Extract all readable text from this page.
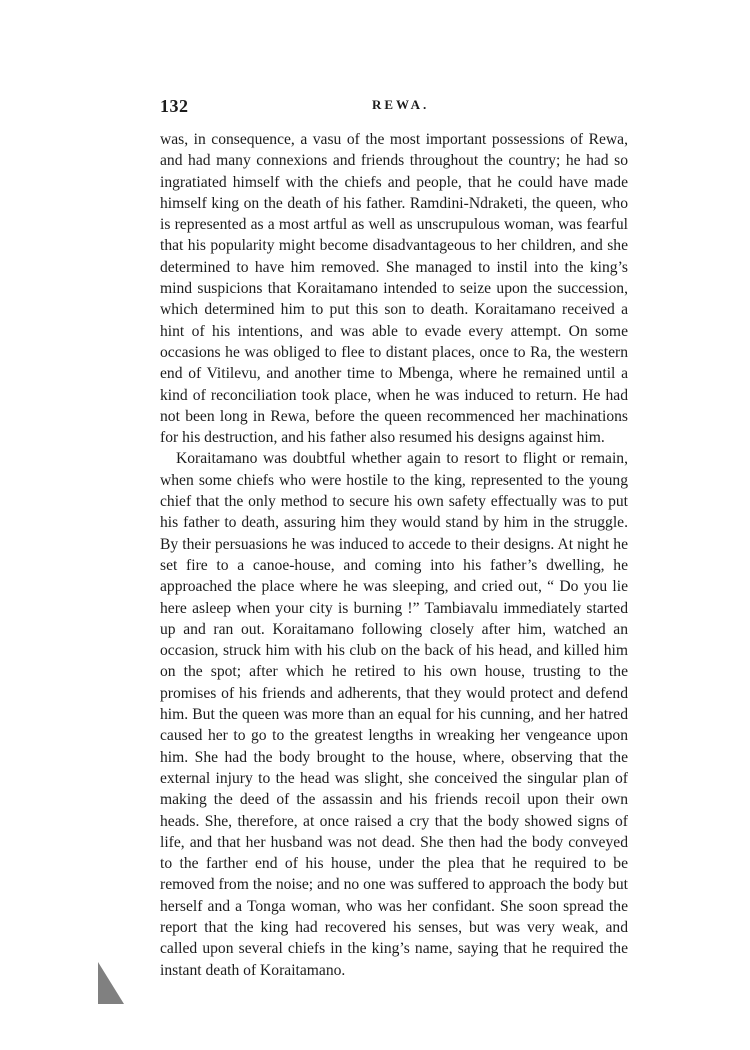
132	REWA.

was, in consequence, a vasu of the most important possessions of Rewa, and had many connexions and friends throughout the country; he had so ingratiated himself with the chiefs and people, that he could have made himself king on the death of his father. Ramdini-Ndraketi, the queen, who is represented as a most artful as well as unscrupulous woman, was fearful that his popularity might become disadvantageous to her children, and she determined to have him removed. She managed to instil into the king’s mind suspicions that Koraitamano intended to seize upon the succession, which determined him to put this son to death. Koraitamano received a hint of his intentions, and was able to evade every attempt. On some occasions he was obliged to flee to distant places, once to Ra, the western end of Vitilevu, and another time to Mbenga, where he remained until a kind of reconciliation took place, when he was induced to return. He had not been long in Rewa, before the queen recommenced her machinations for his destruction, and his father also resumed his designs against him.

Koraitamano was doubtful whether again to resort to flight or remain, when some chiefs who were hostile to the king, represented to the young chief that the only method to secure his own safety effectually was to put his father to death, assuring him they would stand by him in the struggle. By their persuasions he was induced to accede to their designs. At night he set fire to a canoe-house, and coming into his father’s dwelling, he approached the place where he was sleeping, and cried out, “ Do you lie here asleep when your city is burning !” Tambiavalu immediately started up and ran out. Koraitamano following closely after him, watched an occasion, struck him with his club on the back of his head, and killed him on the spot; after which he retired to his own house, trusting to the promises of his friends and adherents, that they would protect and defend him. But the queen was more than an equal for his cunning, and her hatred caused her to go to the greatest lengths in wreaking her vengeance upon him. She had the body brought to the house, where, observing that the external injury to the head was slight, she conceived the singular plan of making the deed of the assassin and his friends recoil upon their own heads. She, therefore, at once raised a cry that the body showed signs of life, and that her husband was not dead. She then had the body conveyed to the farther end of his house, under the plea that he required to be removed from the noise; and no one was suffered to approach the body but herself and a Tonga woman, who was her confidant. She soon spread the report that the king had recovered his senses, but was very weak, and called upon several chiefs in the king’s name, saying that he required the instant death of Koraitamano.
